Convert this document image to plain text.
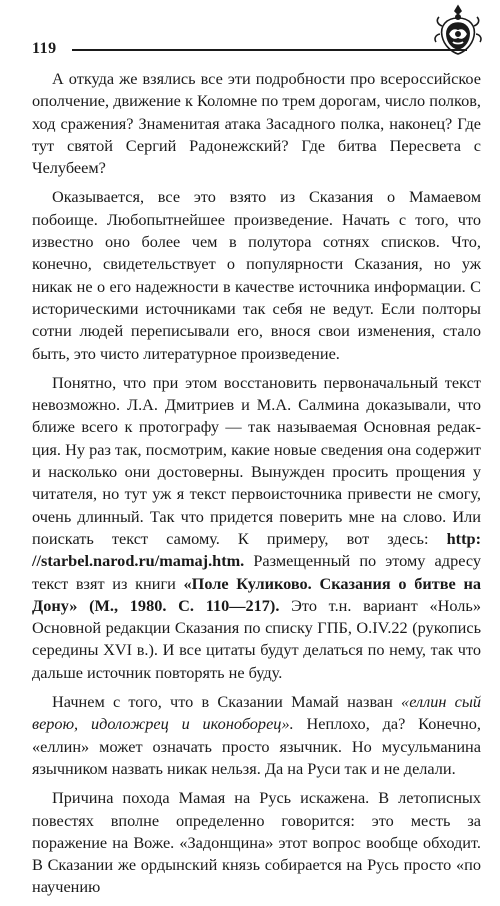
119

А откуда же взялись все эти подробности про всероссийское ополчение, движение к Коломне по трем дорогам, число полков, ход сражения? Знаменитая атака Засадного полка, наконец? Где тут святой Сергий Радонежский? Где битва Пересвета с Челубеем?

Оказывается, все это взято из Сказания о Мамаевом побоище. Любопытнейшее произведение. Начать с того, что известно оно более чем в полутора сотнях списков. Что, конечно, свидетельствует о популярности Сказания, но уж никак не о его надежности в качестве источника информации. С историческими источниками так себя не ведут. Если полторы сотни людей переписывали его, внося свои изменения, стало быть, это чисто литературное произведение.

Понятно, что при этом восстановить первоначальный текст невозможно. Л.А. Дмитриев и М.А. Салмина доказывали, что ближе всего к протографу — так называемая Основная редакция. Ну раз так, посмотрим, какие новые сведения она содержит и насколько они достоверны. Вынужден просить прощения у читателя, но тут уж я текст первоисточника привести не смогу, очень длинный. Так что придется поверить мне на слово. Или поискать текст самому. К примеру, вот здесь: http: //starbel.narod.ru/mamaj.htm. Размещенный по этому адресу текст взят из книги «Поле Куликово. Сказания о битве на Дону» (М., 1980. С. 110—217). Это т.н. вариант «Ноль» Основной редакции Сказания по списку ГПБ, O.IV.22 (рукопись середины XVI в.). И все цитаты будут делаться по нему, так что дальше источник повторять не буду.

Начнем с того, что в Сказании Мамай назван «еллин сый верою, идоложрец и иконоборец». Неплохо, да? Конечно, «еллин» может означать просто язычник. Но мусульманина язычником назвать никак нельзя. Да на Руси так и не делали.

Причина похода Мамая на Русь искажена. В летописных повестях вполне определенно говорится: это месть за поражение на Воже. «Задонщина» этот вопрос вообще обходит. В Сказании же ордынский князь собирается на Русь просто «по научению
